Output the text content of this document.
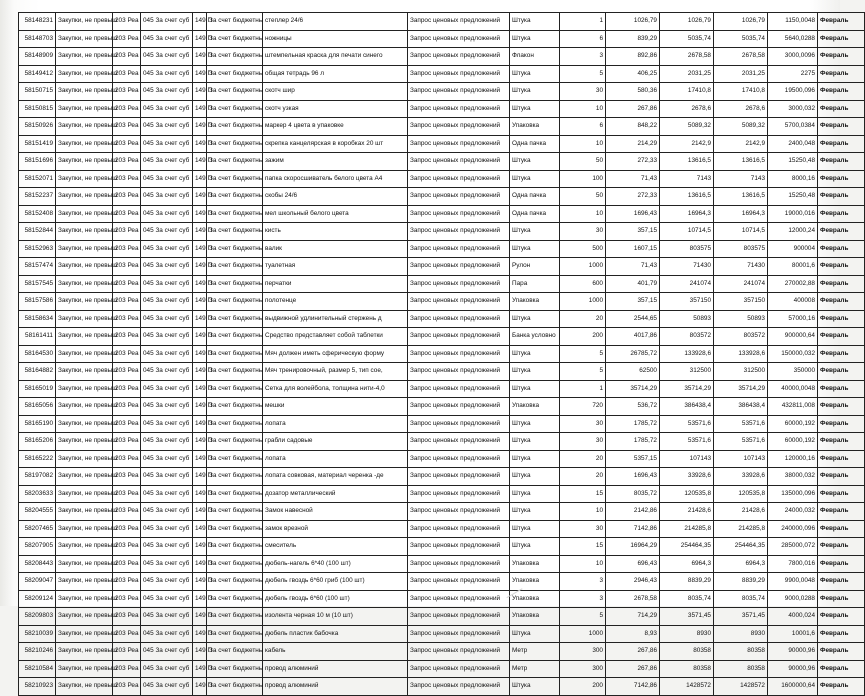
58148231	Закупки, не превыш	203 Реа	045 За счет суб	149 П	За счет бюджетны	степлер 24/6	Запрос ценовых предложений	Штука	1	1026,79	1026,79	1026,79	1150,0048	Февраль
58148703	Закупки, не превыш	203 Реа	045 За счет суб	149 П	За счет бюджетны	ножницы	Запрос ценовых предложений	Штука	6	839,29	5035,74	5035,74	5640,0288	Февраль
58148909	Закупки, не превыш	203 Реа	045 За счет суб	149 П	За счет бюджетны	штемпельная краска для печати синего	Запрос ценовых предложений	Флакон	3	892,86	2678,58	2678,58	3000,0096	Февраль
58149412	Закупки, не превыш	203 Реа	045 За счет суб	149 П	За счет бюджетны	общая тетрадь 96 л	Запрос ценовых предложений	Штука	5	406,25	2031,25	2031,25	2275	Февраль
58150715	Закупки, не превыш	203 Реа	045 За счет суб	149 П	За счет бюджетны	скотч шир	Запрос ценовых предложений	Штука	30	580,36	17410,8	17410,8	19500,096	Февраль
58150815	Закупки, не превыш	203 Реа	045 За счет суб	149 П	За счет бюджетны	скотч узкая	Запрос ценовых предложений	Штука	10	267,86	2678,6	2678,6	3000,032	Февраль
58150926	Закупки, не превыш	203 Реа	045 За счет суб	149 П	За счет бюджетны	маркер 4 цвета в упаковке	Запрос ценовых предложений	Упаковка	6	848,22	5089,32	5089,32	5700,0384	Февраль
58151419	Закупки, не превыш	203 Реа	045 За счет суб	149 П	За счет бюджетны	скрепка канцелярская в коробках 20 шт	Запрос ценовых предложений	Одна пачка	10	214,29	2142,9	2142,9	2400,048	Февраль
58151696	Закупки, не превыш	203 Реа	045 За счет суб	149 П	За счет бюджетны	зажим	Запрос ценовых предложений	Штука	50	272,33	13616,5	13616,5	15250,48	Февраль
58152071	Закупки, не превыш	203 Реа	045 За счет суб	149 П	За счет бюджетны	папка скоросшиватель белого цвета А4	Запрос ценовых предложений	Штука	100	71,43	7143	7143	8000,16	Февраль
58152237	Закупки, не превыш	203 Реа	045 За счет суб	149 П	За счет бюджетны	скобы 24/6	Запрос ценовых предложений	Одна пачка	50	272,33	13616,5	13616,5	15250,48	Февраль
58152408	Закупки, не превыш	203 Реа	045 За счет суб	149 П	За счет бюджетны	мел школьный белого цвета	Запрос ценовых предложений	Одна пачка	10	1696,43	16964,3	16964,3	19000,016	Февраль
58152844	Закупки, не превыш	203 Реа	045 За счет суб	149 П	За счет бюджетны	кисть	Запрос ценовых предложений	Штука	30	357,15	10714,5	10714,5	12000,24	Февраль
58152963	Закупки, не превыш	203 Реа	045 За счет суб	149 П	За счет бюджетны	валик	Запрос ценовых предложений	Штука	500	1607,15	803575	803575	900004	Февраль
58157474	Закупки, не превыш	203 Реа	045 За счет суб	149 П	За счет бюджетны	туалетная	Запрос ценовых предложений	Рулон	1000	71,43	71430	71430	80001,6	Февраль
58157545	Закупки, не превыш	203 Реа	045 За счет суб	149 П	За счет бюджетны	перчатки	Запрос ценовых предложений	Пара	600	401,79	241074	241074	270002,88	Февраль
58157586	Закупки, не превыш	203 Реа	045 За счет суб	149 П	За счет бюджетны	полотенце	Запрос ценовых предложений	Упаковка	1000	357,15	357150	357150	400008	Февраль
58158634	Закупки, не превыш	203 Реа	045 За счет суб	149 П	За счет бюджетны	выдвижной удлинительный стержень д	Запрос ценовых предложений	Штука	20	2544,65	50893	50893	57000,16	Февраль
58161411	Закупки, не превыш	203 Реа	045 За счет суб	149 П	За счет бюджетны	Средство представляет собой таблетки	Запрос ценовых предложений	Банка условно	200	4017,86	803572	803572	900000,64	Февраль
58164530	Закупки, не превыш	203 Реа	045 За счет суб	149 П	За счет бюджетны	Мяч должен иметь сферическую форму	Запрос ценовых предложений	Штука	5	26785,72	133928,6	133928,6	150000,032	Февраль
58164882	Закупки, не превыш	203 Реа	045 За счет суб	149 П	За счет бюджетны	Мяч тренировочный, размер 5, тип сое,	Запрос ценовых предложений	Штука	5	62500	312500	312500	350000	Февраль
58165019	Закупки, не превыш	203 Реа	045 За счет суб	149 П	За счет бюджетны	Сетка для волейбола, толщина нити-4,0	Запрос ценовых предложений	Штука	1	35714,29	35714,29	35714,29	40000,0048	Февраль
58165056	Закупки, не превыш	203 Реа	045 За счет суб	149 П	За счет бюджетны	мешки	Запрос ценовых предложений	Упаковка	720	536,72	386438,4	386438,4	432811,008	Февраль
58165190	Закупки, не превыш	203 Реа	045 За счет суб	149 П	За счет бюджетны	лопата	Запрос ценовых предложений	Штука	30	1785,72	53571,6	53571,6	60000,192	Февраль
58165206	Закупки, не превыш	203 Реа	045 За счет суб	149 П	За счет бюджетны	грабли садовые	Запрос ценовых предложений	Штука	30	1785,72	53571,6	53571,6	60000,192	Февраль
58165222	Закупки, не превыш	203 Реа	045 За счет суб	149 П	За счет бюджетны	лопата	Запрос ценовых предложений	Штука	20	5357,15	107143	107143	120000,16	Февраль
58197082	Закупки, не превыш	203 Реа	045 За счет суб	149 П	За счет бюджетны	лопата совковая, материал черенка -де	Запрос ценовых предложений	Штука	20	1696,43	33928,6	33928,6	38000,032	Февраль
58203633	Закупки, не превыш	203 Реа	045 За счет суб	149 П	За счет бюджетны	дозатор металлический	Запрос ценовых предложений	Штука	15	8035,72	120535,8	120535,8	135000,096	Февраль
58204555	Закупки, не превыш	203 Реа	045 За счет суб	149 П	За счет бюджетны	Замок навесной	Запрос ценовых предложений	Штука	10	2142,86	21428,6	21428,6	24000,032	Февраль
58207465	Закупки, не превыш	203 Реа	045 За счет суб	149 П	За счет бюджетны	замок врезной	Запрос ценовых предложений	Штука	30	7142,86	214285,8	214285,8	240000,096	Февраль
58207905	Закупки, не превыш	203 Реа	045 За счет суб	149 П	За счет бюджетны	смеситель	Запрос ценовых предложений	Штука	15	16964,29	254464,35	254464,35	285000,072	Февраль
58208443	Закупки, не превыш	203 Реа	045 За счет суб	149 П	За счет бюджетны	дюбель-нагель 6*40 (100 шт)	Запрос ценовых предложений	Упаковка	10	696,43	6964,3	6964,3	7800,016	Февраль
58209047	Закупки, не превыш	203 Реа	045 За счет суб	149 П	За счет бюджетны	дюбель гвоздь 6*60 гриб (100 шт)	Запрос ценовых предложений	Упаковка	3	2946,43	8839,29	8839,29	9900,0048	Февраль
58209124	Закупки, не превыш	203 Реа	045 За счет суб	149 П	За счет бюджетны	дюбель гвоздь 6*60 (100 шт)	Запрос ценовых предложений	Упаковка	3	2678,58	8035,74	8035,74	9000,0288	Февраль
58209803	Закупки, не превыш	203 Реа	045 За счет суб	149 П	За счет бюджетны	изолента черная 10 м (10 шт)	Запрос ценовых предложений	Упаковка	5	714,29	3571,45	3571,45	4000,024	Февраль
58210039	Закупки, не превыш	203 Реа	045 За счет суб	149 П	За счет бюджетны	дюбель пластик бабочка	Запрос ценовых предложений	Штука	1000	8,93	8930	8930	10001,6	Февраль
58210246	Закупки, не превыш	203 Реа	045 За счет суб	149 П	За счет бюджетны	кабель	Запрос ценовых предложений	Метр	300	267,86	80358	80358	90000,96	Февраль
58210584	Закупки, не превыш	203 Реа	045 За счет суб	149 П	За счет бюджетны	провод алюминий	Запрос ценовых предложений	Метр	300	267,86	80358	80358	90000,96	Февраль
58210923	Закупки, не превыш	203 Реа	045 За счет суб	149 П	За счет бюджетны	провод алюминий	Запрос ценовых предложений	Штука	200	7142,86	1428572	1428572	1600000,64	Февраль
